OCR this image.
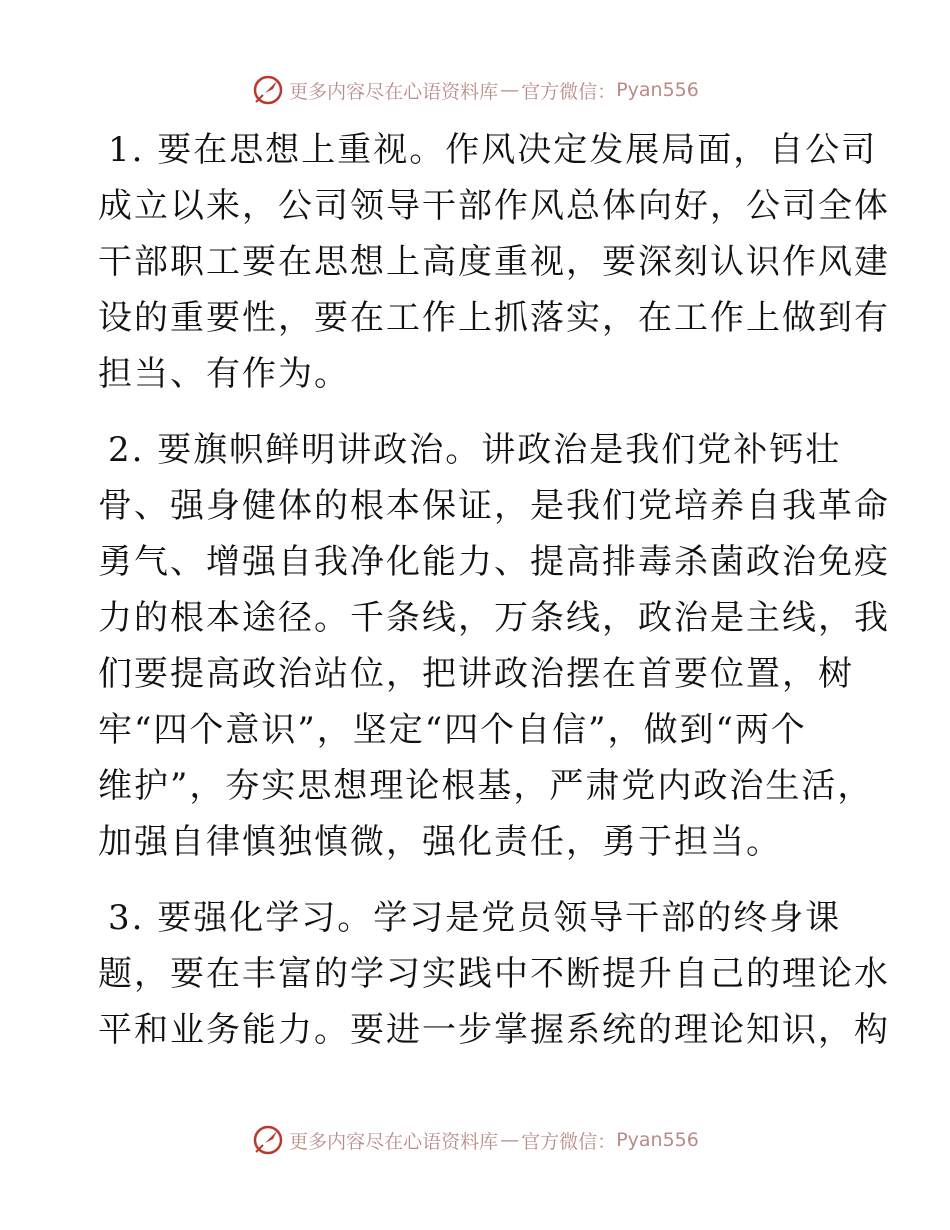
更多内容尽在心语资料库 — 官方微信： Pyan556
1. 要在思想上重视。作风决定发展局面，自公司
成立以来，公司领导干部作风总体向好，公司全体
干部职工要在思想上高度重视，要深刻认识作风建
设的重要性，要在工作上抓落实，在工作上做到有
担当、有作为。
2. 要旗帜鲜明讲政治。讲政治是我们党补钙壮
骨、强身健体的根本保证，是我们党培养自我革命
勇气、增强自我净化能力、提高排毒杀菌政治免疫
力的根本途径。千条线，万条线，政治是主线，我
们要提高政治站位，把讲政治摆在首要位置，树
牢“四个意识”，坚定“四个自信”，做到“两个
维护”，夯实思想理论根基，严肃党内政治生活，
加强自律慎独慎微，强化责任，勇于担当。
3. 要强化学习。学习是党员领导干部的终身课
题，要在丰富的学习实践中不断提升自己的理论水
平和业务能力。要进一步掌握系统的理论知识，构
更多内容尽在心语资料库 — 官方微信： Pyan556
